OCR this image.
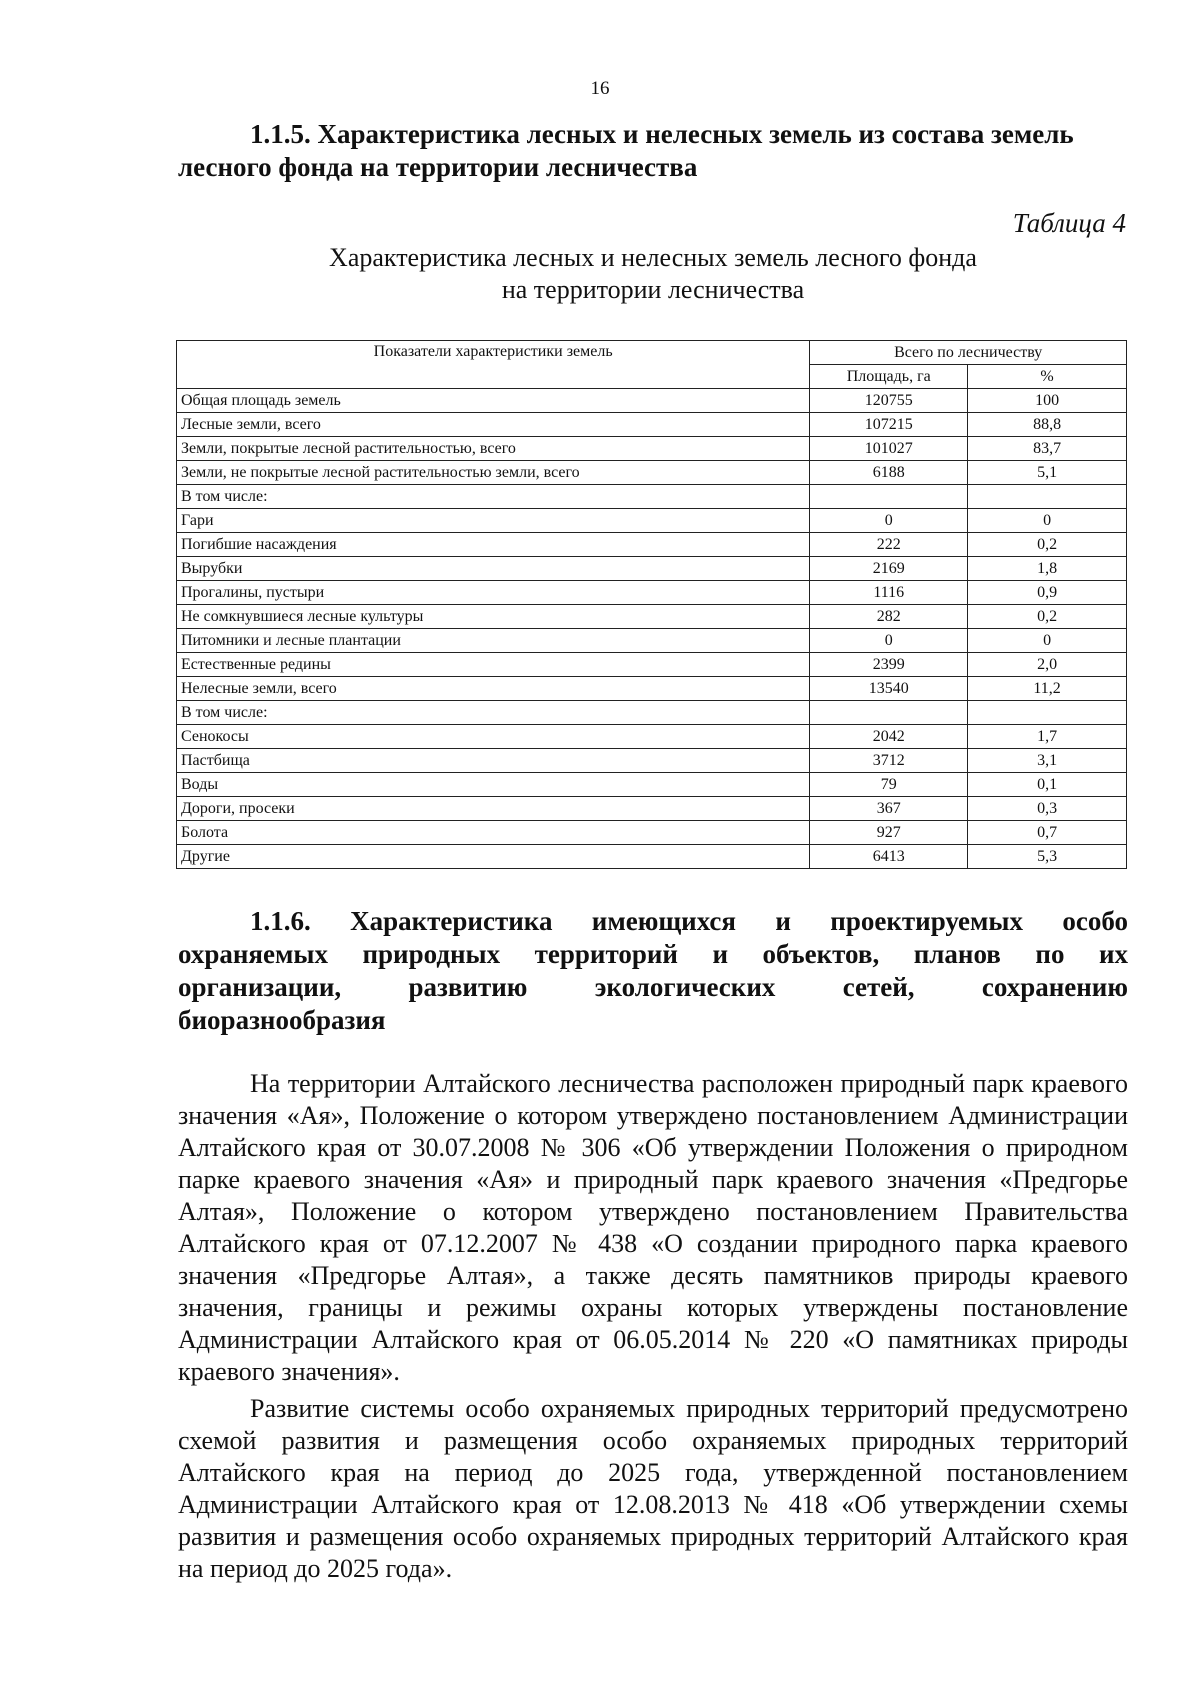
16
1.1.5. Характеристика лесных и нелесных земель из состава земель
лесного фонда на территории лесничества
Таблица 4
Характеристика лесных и нелесных земель лесного фонда
на территории лесничества
Показатели характеристики земель	Всего по лесничеству	
	Площадь, га	%
Общая площадь земель	120755	100
Лесные земли, всего	107215	88,8
Земли, покрытые лесной растительностью, всего	101027	83,7
Земли, не покрытые лесной растительностью земли, всего	6188	5,1
В том числе:		
Гари	0	0
Погибшие насаждения	222	0,2
Вырубки	2169	1,8
Прогалины, пустыри	1116	0,9
Не сомкнувшиеся лесные культуры	282	0,2
Питомники и лесные плантации	0	0
Естественные редины	2399	2,0
Нелесные земли, всего	13540	11,2
В том числе:		
Сенокосы	2042	1,7
Пастбища	3712	3,1
Воды	79	0,1
Дороги, просеки	367	0,3
Болота	927	0,7
Другие	6413	5,3
1.1.6. Характеристика имеющихся и проектируемых особо
охраняемых природных территорий и объектов, планов по их
организации, развитию экологических сетей, сохранению
биоразнообразия

На территории Алтайского лесничества расположен природный парк краевого значения «Ая», Положение о котором утверждено постановлением Администрации Алтайского края от 30.07.2008 № 306 «Об утверждении Положения о природном парке краевого значения «Ая» и природный парк краевого значения «Предгорье Алтая», Положение о котором утверждено постановлением Правительства Алтайского края от 07.12.2007 № 438 «О создании природного парка краевого значения «Предгорье Алтая», а также десять памятников природы краевого значения, границы и режимы охраны которых утверждены постановление Администрации Алтайского края от 06.05.2014 № 220 «О памятниках природы краевого значения».

Развитие системы особо охраняемых природных территорий предусмотрено схемой развития и размещения особо охраняемых природных территорий Алтайского края на период до 2025 года, утвержденной постановлением Администрации Алтайского края от 12.08.2013 № 418 «Об утверждении схемы развития и размещения особо охраняемых природных территорий Алтайского края на период до 2025 года».
